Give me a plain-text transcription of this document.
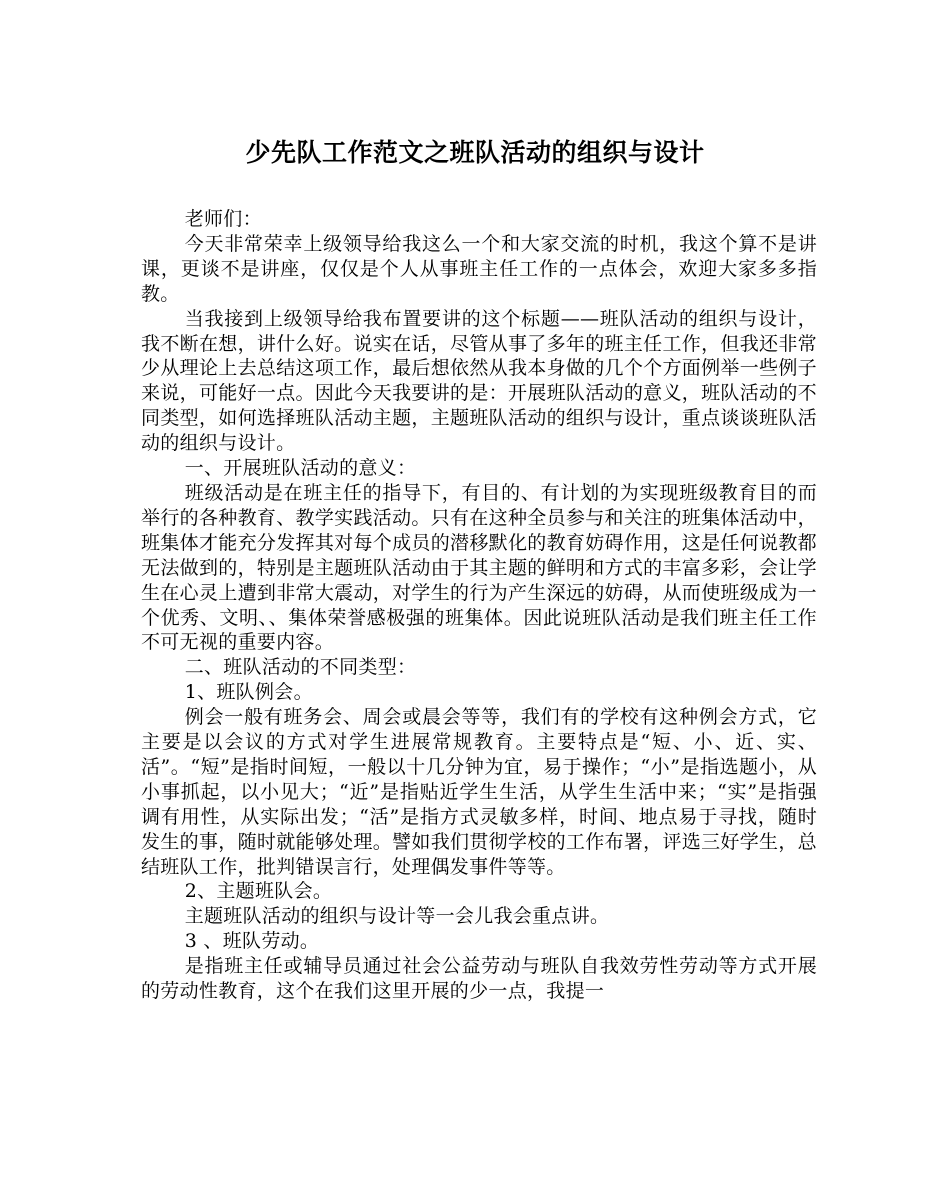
少先队工作范文之班队活动的组织与设计

老师们：

今天非常荣幸上级领导给我这么一个和大家交流的时机，我这个算不是讲课，更谈不是讲座，仅仅是个人从事班主任工作的一点体会，欢迎大家多多指教。

当我接到上级领导给我布置要讲的这个标题——班队活动的组织与设计，我不断在想，讲什么好。说实在话，尽管从事了多年的班主任工作，但我还非常少从理论上去总结这项工作，最后想依然从我本身做的几个个方面例举一些例子来说，可能好一点。因此今天我要讲的是：开展班队活动的意义，班队活动的不同类型，如何选择班队活动主题，主题班队活动的组织与设计，重点谈谈班队活动的组织与设计。

一、开展班队活动的意义：

班级活动是在班主任的指导下，有目的、有计划的为实现班级教育目的而举行的各种教育、教学实践活动。只有在这种全员参与和关注的班集体活动中，班集体才能充分发挥其对每个成员的潜移默化的教育妨碍作用，这是任何说教都无法做到的，特别是主题班队活动由于其主题的鲜明和方式的丰富多彩，会让学生在心灵上遭到非常大震动，对学生的行为产生深远的妨碍，从而使班级成为一个优秀、文明、、集体荣誉感极强的班集体。因此说班队活动是我们班主任工作不可无视的重要内容。

二、班队活动的不同类型：

1、班队例会。

例会一般有班务会、周会或晨会等等，我们有的学校有这种例会方式，它主要是以会议的方式对学生进展常规教育。主要特点是“短、小、近、实、活”。“短”是指时间短，一般以十几分钟为宜，易于操作；“小”是指选题小，从小事抓起，以小见大；“近”是指贴近学生生活，从学生生活中来；“实”是指强调有用性，从实际出发；“活”是指方式灵敏多样，时间、地点易于寻找，随时发生的事，随时就能够处理。譬如我们贯彻学校的工作布署，评选三好学生，总结班队工作，批判错误言行，处理偶发事件等等。

2、主题班队会。

主题班队活动的组织与设计等一会儿我会重点讲。

3 、班队劳动。

是指班主任或辅导员通过社会公益劳动与班队自我效劳性劳动等方式开展的劳动性教育，这个在我们这里开展的少一点，我提一
